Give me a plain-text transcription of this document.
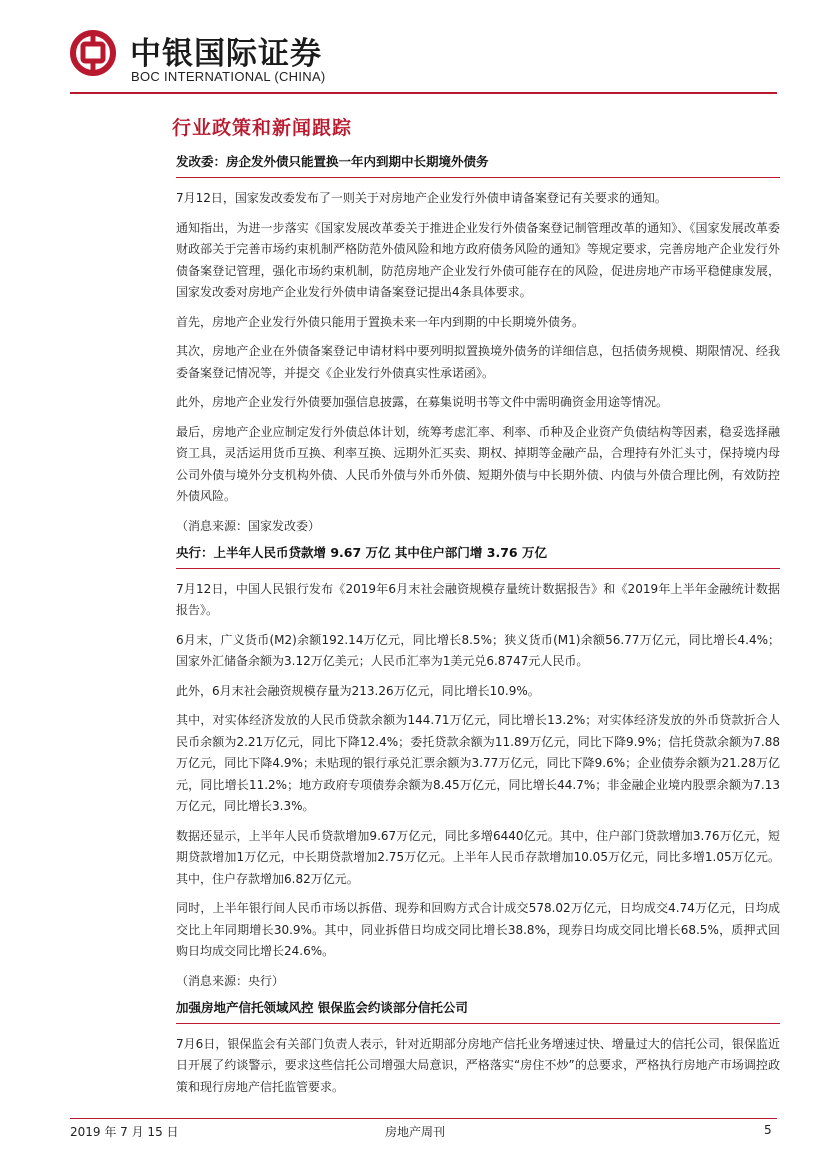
中银国际证券
BOC INTERNATIONAL (CHINA)
行业政策和新闻跟踪
发改委：房企发外债只能置换一年内到期中长期境外债务

7月12日，国家发改委发布了一则关于对房地产企业发行外债申请备案登记有关要求的通知。

通知指出，为进一步落实《国家发展改革委关于推进企业发行外债备案登记制管理改革的通知》、《国家发展改革委财政部关于完善市场约束机制严格防范外债风险和地方政府债务风险的通知》等规定要求，完善房地产企业发行外债备案登记管理，强化市场约束机制，防范房地产企业发行外债可能存在的风险，促进房地产市场平稳健康发展，国家发改委对房地产企业发行外债申请备案登记提出4条具体要求。

首先，房地产企业发行外债只能用于置换未来一年内到期的中长期境外债务。

其次，房地产企业在外债备案登记申请材料中要列明拟置换境外债务的详细信息，包括债务规模、期限情况、经我委备案登记情况等，并提交《企业发行外债真实性承诺函》。

此外，房地产企业发行外债要加强信息披露，在募集说明书等文件中需明确资金用途等情况。

最后，房地产企业应制定发行外债总体计划，统筹考虑汇率、利率、币种及企业资产负债结构等因素，稳妥选择融资工具，灵活运用货币互换、利率互换、远期外汇买卖、期权、掉期等金融产品，合理持有外汇头寸，保持境内母公司外债与境外分支机构外债、人民币外债与外币外债、短期外债与中长期外债、内债与外债合理比例，有效防控外债风险。

（消息来源：国家发改委）

央行：上半年人民币贷款增 9.67 万亿 其中住户部门增 3.76 万亿

7月12日，中国人民银行发布《2019年6月末社会融资规模存量统计数据报告》和《2019年上半年金融统计数据报告》。

6月末，广义货币(M2)余额192.14万亿元，同比增长8.5%；狭义货币(M1)余额56.77万亿元，同比增长4.4%；国家外汇储备余额为3.12万亿美元；人民币汇率为1美元兑6.8747元人民币。

此外，6月末社会融资规模存量为213.26万亿元，同比增长10.9%。

其中，对实体经济发放的人民币贷款余额为144.71万亿元，同比增长13.2%；对实体经济发放的外币贷款折合人民币余额为2.21万亿元，同比下降12.4%；委托贷款余额为11.89万亿元，同比下降9.9%；信托贷款余额为7.88万亿元，同比下降4.9%；未贴现的银行承兑汇票余额为3.77万亿元，同比下降9.6%；企业债券余额为21.28万亿元，同比增长11.2%；地方政府专项债券余额为8.45万亿元，同比增长44.7%；非金融企业境内股票余额为7.13万亿元，同比增长3.3%。

数据还显示，上半年人民币贷款增加9.67万亿元，同比多增6440亿元。其中，住户部门贷款增加3.76万亿元，短期贷款增加1万亿元，中长期贷款增加2.75万亿元。上半年人民币存款增加10.05万亿元，同比多增1.05万亿元。其中，住户存款增加6.82万亿元。

同时，上半年银行间人民币市场以拆借、现券和回购方式合计成交578.02万亿元，日均成交4.74万亿元，日均成交比上年同期增长30.9%。其中，同业拆借日均成交同比增长38.8%，现券日均成交同比增长68.5%，质押式回购日均成交同比增长24.6%。

（消息来源：央行）

加强房地产信托领域风控 银保监会约谈部分信托公司

7月6日，银保监会有关部门负责人表示，针对近期部分房地产信托业务增速过快、增量过大的信托公司，银保监近日开展了约谈警示，要求这些信托公司增强大局意识，严格落实“房住不炒”的总要求，严格执行房地产市场调控政策和现行房地产信托监管要求。

2019 年 7 月 15 日	房地产周刊	5
